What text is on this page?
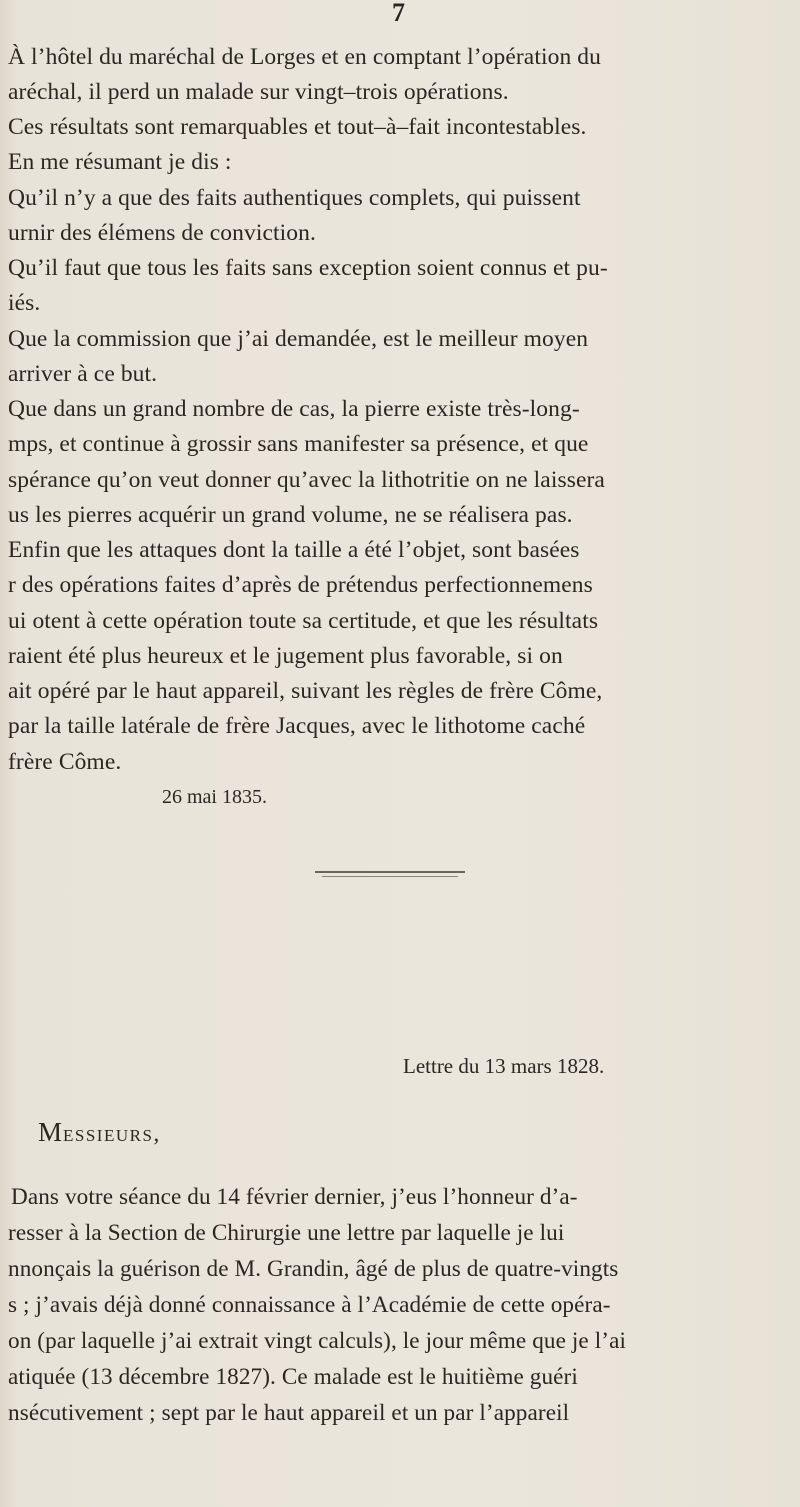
7
À l’hôtel du maréchal de Lorges et en comptant l’opération du
aréchal, il perd un malade sur vingt–trois opérations.
Ces résultats sont remarquables et tout–à–fait incontestables.
En me résumant je dis :
Qu’il n’y a que des faits authentiques complets, qui puissent
urnir des élémens de conviction.
Qu’il faut que tous les faits sans exception soient connus et pu-
iés.
Que la commission que j’ai demandée, est le meilleur moyen
arriver à ce but.
Que dans un grand nombre de cas, la pierre existe très-long-
mps, et continue à grossir sans manifester sa présence, et que
spérance qu’on veut donner qu’avec la lithotritie on ne laissera
us les pierres acquérir un grand volume, ne se réalisera pas.
Enfin que les attaques dont la taille a été l’objet, sont basées
r des opérations faites d’après de prétendus perfectionnemens
ui otent à cette opération toute sa certitude, et que les résultats
raient été plus heureux et le jugement plus favorable, si on
ait opéré par le haut appareil, suivant les règles de frère Côme,
par la taille latérale de frère Jacques, avec le lithotome caché
frère Côme.
26 mai 1835.
Lettre du 13 mars 1828.
MESSIEURS,
Dans votre séance du 14 février dernier, j’eus l’honneur d’a-
resser à la Section de Chirurgie une lettre par laquelle je lui
nnonçais la guérison de M. Grandin, âgé de plus de quatre-vingts
s ; j’avais déjà donné connaissance à l’Académie de cette opéra-
on (par laquelle j’ai extrait vingt calculs), le jour même que je l’ai
atiquée (13 décembre 1827). Ce malade est le huitième guéri
nsécutivement ; sept par le haut appareil et un par l’appareil
